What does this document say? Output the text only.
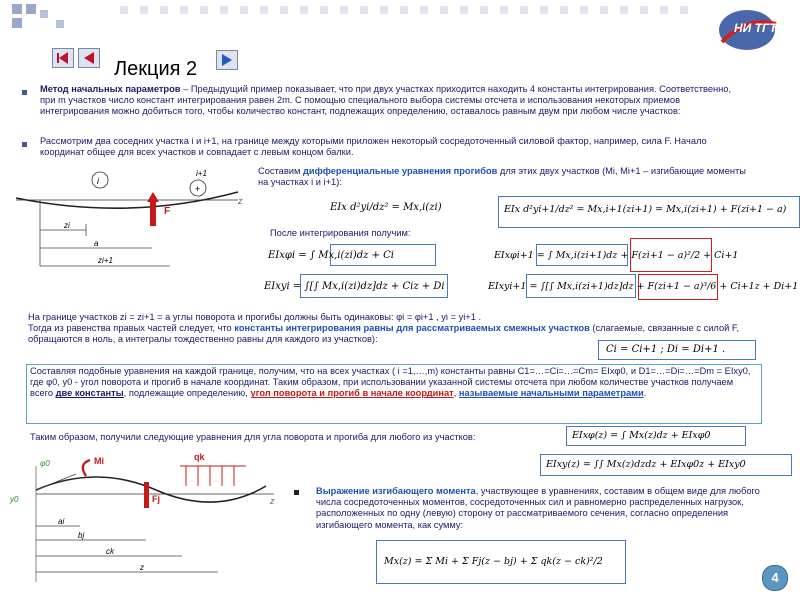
НИ ТГТ
Лекция 2
Метод начальных параметров – Предыдущий пример показывает, что при двух участках приходится находить 4 константы интегрирования. Соответственно, при m участков число констант интегрирования равен 2m. С помощью специального выбора системы отсчета и использования некоторых приемов интегрирования можно добиться того, чтобы количество констант, подлежащих определению, оставалось равным двум при любом числе участков:
Рассмотрим два соседних участка i и i+1, на границе между которыми приложен некоторый сосредоточенный силовой фактор, например, сила F. Начало координат общее для всех участков и совпадает с левым концом балки.
i
+
i+1
F
z
zi
a
zi+1
Составим дифференциальные уравнения прогибов для этих двух участков (Mi, Mi+1 – изгибающие моменты на участках i и i+1):
EIx d²yi/dz² = Mx,i(zi)	EIx d²yi+1/dz² = Mx,i+1(zi+1) = Mx,i(zi+1) + F(zi+1 − a)
После интегрирования получим:
EIxφi = ∫ Mx,i(zi)dz + Ci	EIxφi+1 = ∫ Mx,i(zi+1)dz + F(zi+1 − a)²/2 + Ci+1
EIxyi = ∫[∫ Mx,i(zi)dz]dz + Ciz + Di	EIxyi+1 = ∫[∫ Mx,i(zi+1)dz]dz + F(zi+1 − a)³/6 + Ci+1z + Di+1
На границе участков zi = zi+1 = a углы поворота и прогибы должны быть одинаковы: φi = φi+1 , yi = yi+1 .
Тогда из равенства правых частей следует, что константы интегрирования равны для рассматриваемых смежных участков (слагаемые, связанные с силой F, обращаются в ноль, а интегралы тождественно равны для каждого из участков):
Ci = Ci+1 ; Di = Di+1 .
Составляя подобные уравнения на каждой границе, получим, что на всех участках ( i =1,…,m) константы равны C1=…=Ci=…=Cm= EIxφ0, и D1=…=Di=…=Dm = EIxy0, где φ0, y0 - угол поворота и прогиб в начале координат. Таким образом, при использовании указанной системы отсчета при любом количестве участков получаем всего две константы, подлежащие определению, угол поворота и прогиб в начале координат, называемые начальными параметрами.
Таким образом, получили следующие уравнения для угла поворота и прогиба для любого из участков:	EIxφ(z) = ∫ Mx(z)dz + EIxφ0
EIxy(z) = ∫∫ Mx(z)dzdz + EIxφ0z + EIxy0
φ0	Mi
Fj
qk
y0	z
ai
bj
ck
z
Выражение изгибающего момента, участвующее в уравнениях, составим в общем виде для любого числа сосредоточенных моментов, сосредоточенных сил и равномерно распределенных нагрузок, расположенных по одну (левую) сторону от рассматриваемого сечения, согласно определения изгибающего момента, как сумму:
Mx(z) = Σ Mi + Σ Fj(z − bj) + Σ qk(z − ck)²/2
4
